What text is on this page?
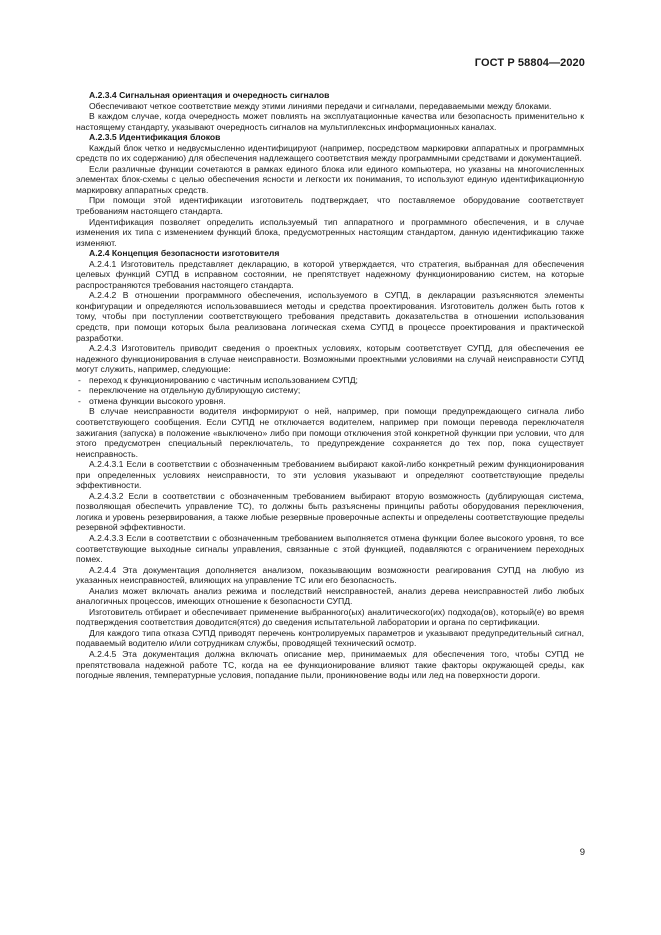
ГОСТ Р 58804—2020

А.2.3.4 Сигнальная ориентация и очередность сигналов

Обеспечивают четкое соответствие между этими линиями передачи и сигналами, передаваемыми между блоками.

В каждом случае, когда очередность может повлиять на эксплуатационные качества или безопасность применительно к настоящему стандарту, указывают очередность сигналов на мультиплексных информационных каналах.

А.2.3.5 Идентификация блоков

Каждый блок четко и недвусмысленно идентифицируют (например, посредством маркировки аппаратных и программных средств по их содержанию) для обеспечения надлежащего соответствия между программными средствами и документацией.

Если различные функции сочетаются в рамках единого блока или единого компьютера, но указаны на многочисленных элементах блок-схемы с целью обеспечения ясности и легкости их понимания, то используют единую идентификационную маркировку аппаратных средств.

При помощи этой идентификации изготовитель подтверждает, что поставляемое оборудование соответствует требованиям настоящего стандарта.

Идентификация позволяет определить используемый тип аппаратного и программного обеспечения, и в случае изменения их типа с изменением функций блока, предусмотренных настоящим стандартом, данную идентификацию также изменяют.

А.2.4 Концепция безопасности изготовителя

А.2.4.1 Изготовитель представляет декларацию, в которой утверждается, что стратегия, выбранная для обеспечения целевых функций СУПД в исправном состоянии, не препятствует надежному функционированию систем, на которые распространяются требования настоящего стандарта.

А.2.4.2 В отношении программного обеспечения, используемого в СУПД, в декларации разъясняются элементы конфигурации и определяются использовавшиеся методы и средства проектирования. Изготовитель должен быть готов к тому, чтобы при поступлении соответствующего требования представить доказательства в отношении использования средств, при помощи которых была реализована логическая схема СУПД в процессе проектирования и практической разработки.

А.2.4.3 Изготовитель приводит сведения о проектных условиях, которым соответствует СУПД, для обеспечения ее надежного функционирования в случае неисправности. Возможными проектными условиями на случай неисправности СУПД могут служить, например, следующие:

- переход к функционированию с частичным использованием СУПД;
- переключение на отдельную дублирующую систему;
- отмена функции высокого уровня.

В случае неисправности водителя информируют о ней, например, при помощи предупреждающего сигнала либо соответствующего сообщения. Если СУПД не отключается водителем, например при помощи перевода переключателя зажигания (запуска) в положение «выключено» либо при помощи отключения этой конкретной функции при условии, что для этого предусмотрен специальный переключатель, то предупреждение сохраняется до тех пор, пока существует неисправность.

А.2.4.3.1 Если в соответствии с обозначенным требованием выбирают какой-либо конкретный режим функционирования при определенных условиях неисправности, то эти условия указывают и определяют соответствующие пределы эффективности.

А.2.4.3.2 Если в соответствии с обозначенным требованием выбирают вторую возможность (дублирующая система, позволяющая обеспечить управление ТС), то должны быть разъяснены принципы работы оборудования переключения, логика и уровень резервирования, а также любые резервные проверочные аспекты и определены соответствующие пределы резервной эффективности.

А.2.4.3.3 Если в соответствии с обозначенным требованием выполняется отмена функции более высокого уровня, то все соответствующие выходные сигналы управления, связанные с этой функцией, подавляются с ограничением переходных помех.

А.2.4.4 Эта документация дополняется анализом, показывающим возможности реагирования СУПД на любую из указанных неисправностей, влияющих на управление ТС или его безопасность.

Анализ может включать анализ режима и последствий неисправностей, анализ дерева неисправностей либо любых аналогичных процессов, имеющих отношение к безопасности СУПД.

Изготовитель отбирает и обеспечивает применение выбранного(ых) аналитического(их) подхода(ов), который(е) во время подтверждения соответствия доводится(ятся) до сведения испытательной лаборатории и органа по сертификации.

Для каждого типа отказа СУПД приводят перечень контролируемых параметров и указывают предупредительный сигнал, подаваемый водителю и/или сотрудникам службы, проводящей технический осмотр.

А.2.4.5 Эта документация должна включать описание мер, принимаемых для обеспечения того, чтобы СУПД не препятствовала надежной работе ТС, когда на ее функционирование влияют такие факторы окружающей среды, как погодные явления, температурные условия, попадание пыли, проникновение воды или лед на поверхности дороги.

9
